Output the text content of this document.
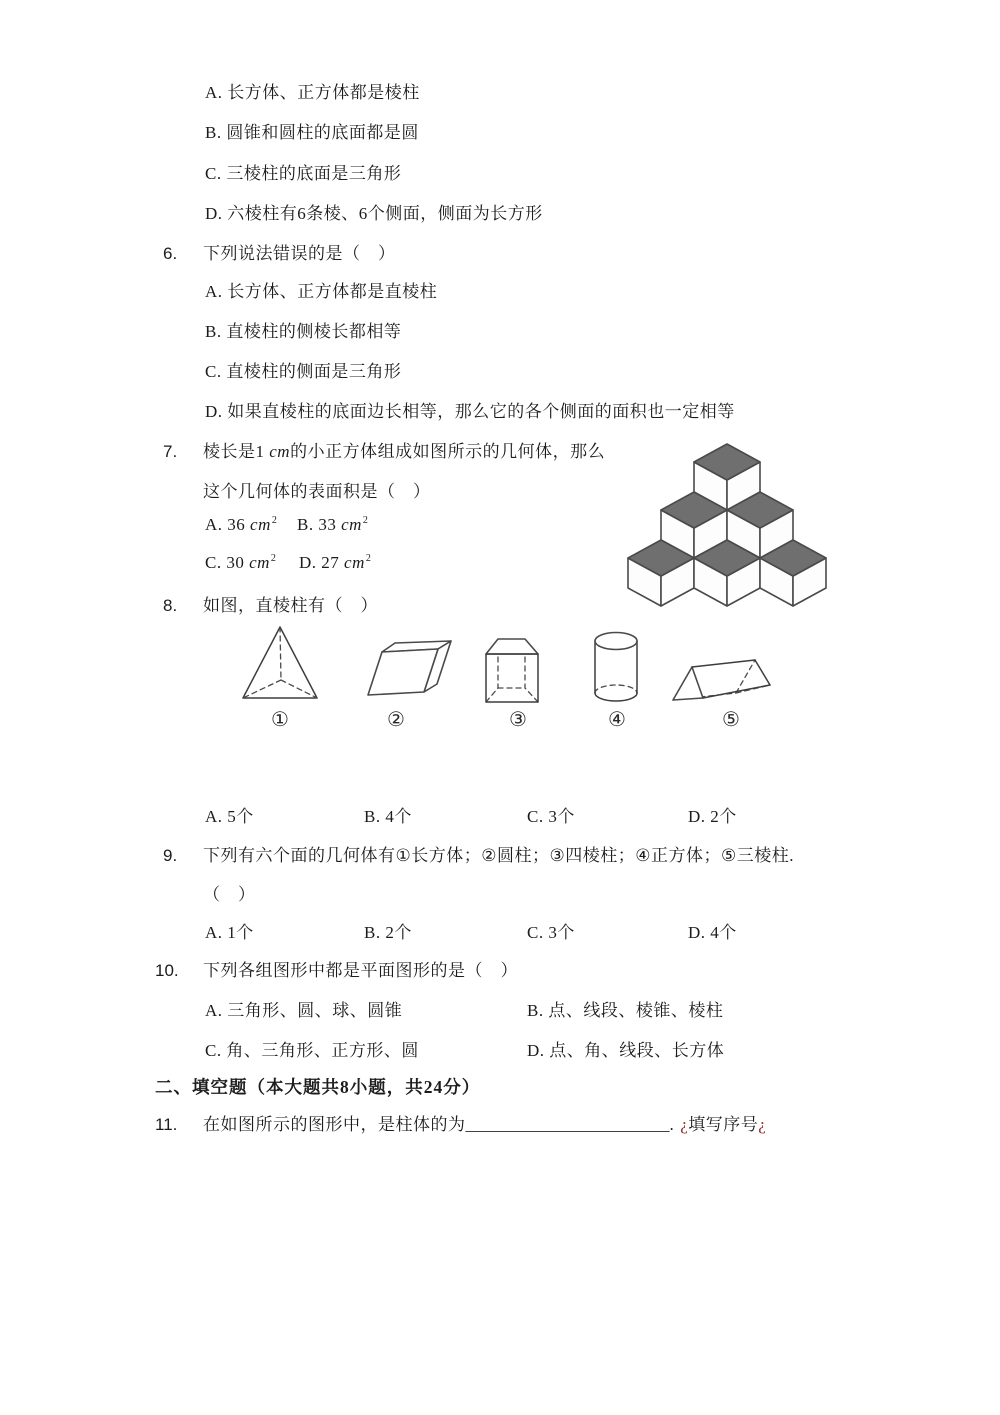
A. 长方体、正方体都是棱柱
B. 圆锥和圆柱的底面都是圆
C. 三棱柱的底面是三角形
D. 六棱柱有6条棱、6个侧面，侧面为长方形
6. 下列说法错误的是（　）
A. 长方体、正方体都是直棱柱
B. 直棱柱的侧棱长都相等
C. 直棱柱的侧面是三角形
D. 如果直棱柱的底面边长相等，那么它的各个侧面的面积也一定相等
7. 棱长是1 cm的小正方体组成如图所示的几何体，那么
这个几何体的表面积是（　）
A. 36 $cm^2$ B. 33 $cm^2$
C. 30 $cm^2$ D. 27 $cm^2$
8. 如图，直棱柱有（　）
①	②	③	④	⑤
A. 5个	B. 4个	C. 3个	D. 2个
9. 下列有六个面的几何体有①长方体；②圆柱；③四棱柱；④正方体；⑤三棱柱.
（　）
A. 1个	B. 2个	C. 3个	D. 4个
10. 下列各组图形中都是平面图形的是（　）
A. 三角形、圆、球、圆锥	B. 点、线段、棱锥、棱柱
C. 角、三角形、正方形、圆	D. 点、角、线段、长方体
二、填空题（本大题共8小题，共24分）
11. 在如图所示的图形中，是柱体的为________________________. ¿填写序号¿
